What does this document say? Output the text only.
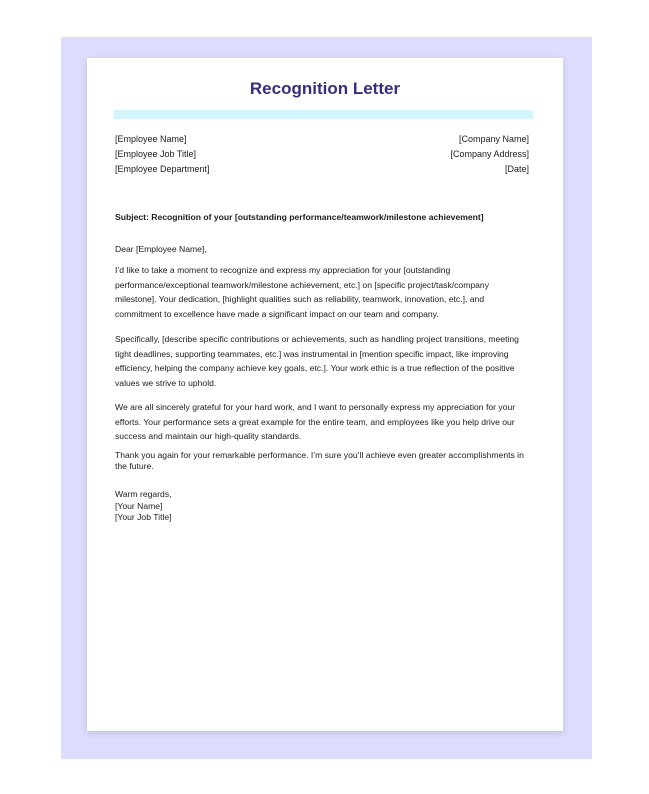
Recognition Letter
[Employee Name]
[Employee Job Title]
[Employee Department]
[Company Name]
[Company Address]
[Date]

Subject: Recognition of your [outstanding performance/teamwork/milestone achievement]

Dear [Employee Name],

I’d like to take a moment to recognize and express my appreciation for your [outstanding performance/exceptional teamwork/milestone achievement, etc.] on [specific project/task/company milestone]. Your dedication, [highlight qualities such as reliability, teamwork, innovation, etc.], and commitment to excellence have made a significant impact on our team and company.

Specifically, [describe specific contributions or achievements, such as handling project transitions, meeting tight deadlines, supporting teammates, etc.] was instrumental in [mention specific impact, like improving efficiency, helping the company achieve key goals, etc.]. Your work ethic is a true reflection of the positive values we strive to uphold.

We are all sincerely grateful for your hard work, and I want to personally express my appreciation for your efforts. Your performance sets a great example for the entire team, and employees like you help drive our success and maintain our high-quality standards.

Thank you again for your remarkable performance. I’m sure you’ll achieve even greater accomplishments in the future.

Warm regards,
[Your Name]
[Your Job Title]
